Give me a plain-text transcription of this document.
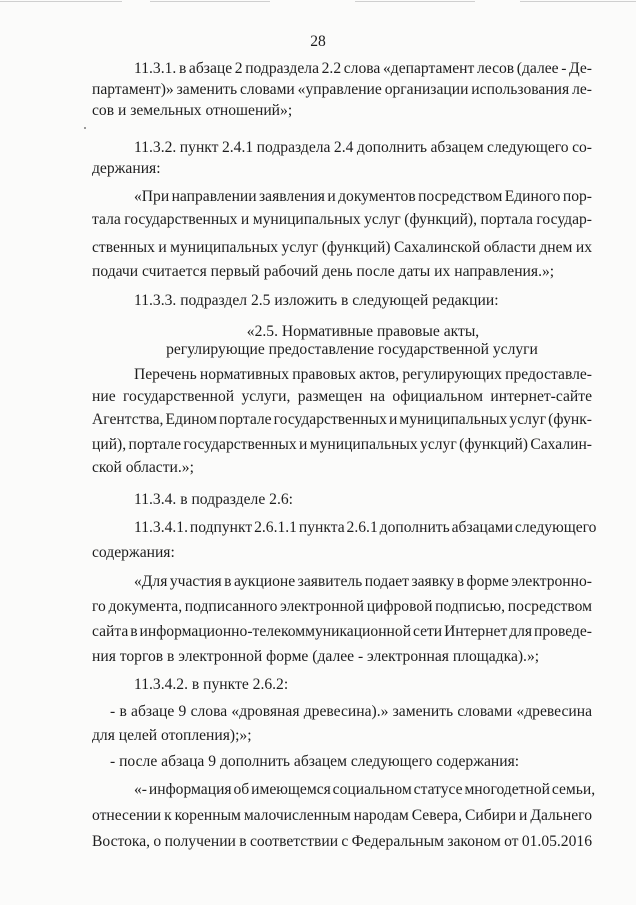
28
11.3.1. в абзаце 2 подраздела 2.2 слова «департамент лесов (далее - Де-
партамент)» заменить словами «управление организации использования ле-
сов и земельных отношений»;
11.3.2. пункт 2.4.1 подраздела 2.4 дополнить абзацем следующего со-
держания:
«При направлении заявления и документов посредством Единого пор-
тала государственных и муниципальных услуг (функций), портала государ-
ственных и муниципальных услуг (функций) Сахалинской области днем их
подачи считается первый рабочий день после даты их направления.»;
11.3.3. подраздел 2.5 изложить в следующей редакции:
Перечень нормативных правовых актов, регулирующих предоставле-
ние государственной услуги, размещен на официальном интернет-сайте
Агентства, Едином портале государственных и муниципальных услуг (функ-
ций), портале государственных и муниципальных услуг (функций) Сахалин-
ской области.»;
11.3.4. в подразделе 2.6:
11.3.4.1. подпункт 2.6.1.1 пункта 2.6.1 дополнить абзацами следующего
содержания:
«Для участия в аукционе заявитель подает заявку в форме электронно-
го документа, подписанного электронной цифровой подписью, посредством
сайта в информационно-телекоммуникационной сети Интернет для проведе-
ния торгов в электронной форме (далее - электронная площадка).»;
11.3.4.2. в пункте 2.6.2:
- в абзаце 9 слова «дровяная древесина).» заменить словами «древесина
для целей отопления);»;
- после абзаца 9 дополнить абзацем следующего содержания:
«- информация об имеющемся социальном статусе многодетной семьи,
отнесении к коренным малочисленным народам Севера, Сибири и Дальнего
Востока, о получении в соответствии с Федеральным законом от 01.05.2016
«2.5. Нормативные правовые акты,
регулирующие предоставление государственной услуги
